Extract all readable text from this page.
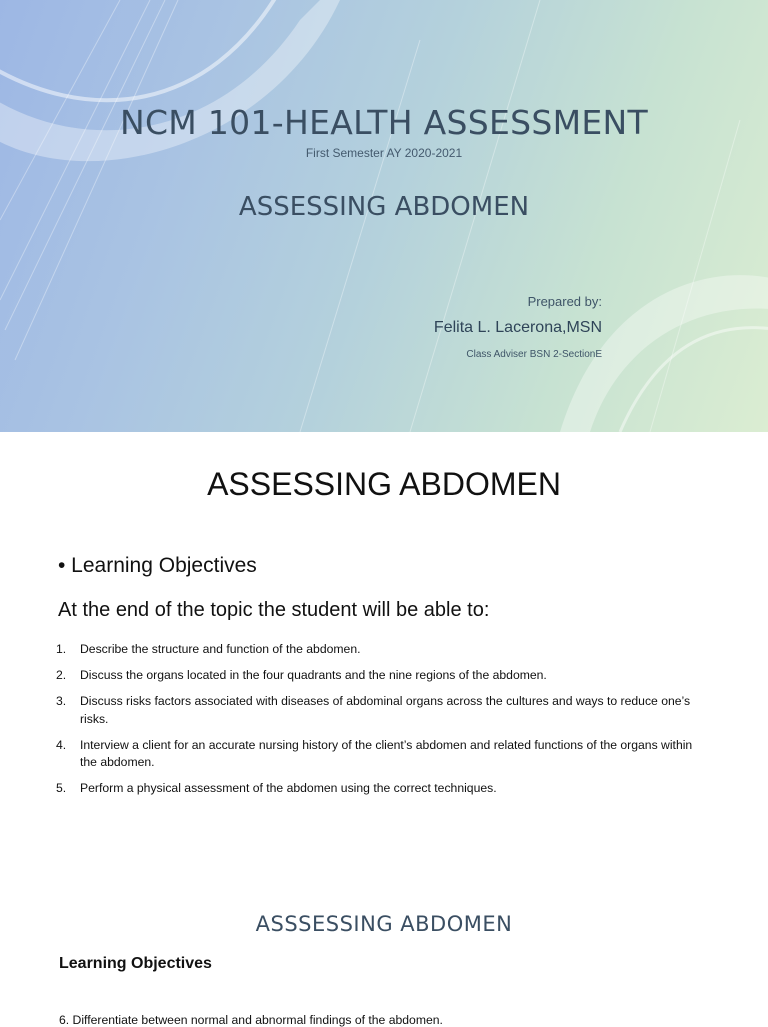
NCM 101-HEALTH ASSESSMENT
First Semester AY 2020-2021
ASSESSING ABDOMEN
Prepared by:
Felita L. Lacerona,MSN
Class Adviser BSN 2-SectionE
ASSESSING ABDOMEN
• Learning Objectives
At the end of the topic the student will be able to:
1. Describe the structure and function of the abdomen.
2. Discuss the organs located in the four quadrants and the nine regions of the abdomen.
3. Discuss risks factors associated with diseases of abdominal organs across the cultures and ways to reduce one’s risks.
4. Interview a client for an accurate nursing history of the client’s abdomen and related functions of the organs within the abdomen.
5. Perform a physical assessment of the abdomen using the correct techniques.
ASSSESSING ABDOMEN
Learning Objectives
6. Differentiate between normal and abnormal findings of the abdomen.
